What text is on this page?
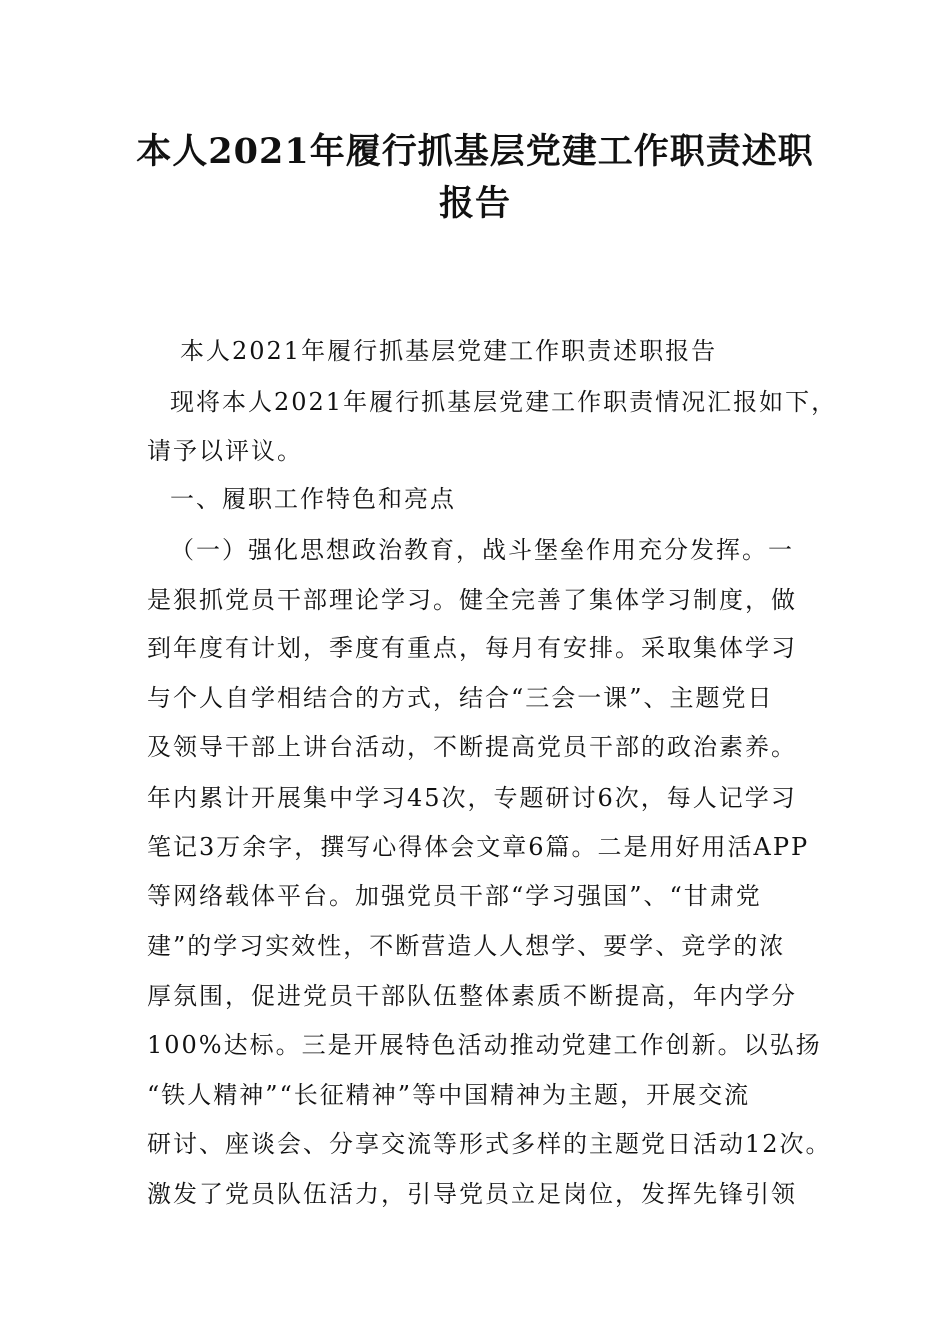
本人2021年履行抓基层党建工作职责述职
报告
本人2021年履行抓基层党建工作职责述职报告
现将本人2021年履行抓基层党建工作职责情况汇报如下，
请予以评议。
一、履职工作特色和亮点
（一）强化思想政治教育，战斗堡垒作用充分发挥。一
是狠抓党员干部理论学习。健全完善了集体学习制度，做
到年度有计划，季度有重点，每月有安排。采取集体学习
与个人自学相结合的方式，结合“三会一课”、主题党日
及领导干部上讲台活动，不断提高党员干部的政治素养。
年内累计开展集中学习45次，专题研讨6次，每人记学习
笔记3万余字，撰写心得体会文章6篇。二是用好用活APP
等网络载体平台。加强党员干部“学习强国”、“甘肃党
建”的学习实效性，不断营造人人想学、要学、竞学的浓
厚氛围，促进党员干部队伍整体素质不断提高，年内学分
100%达标。三是开展特色活动推动党建工作创新。以弘扬
“铁人精神”“长征精神”等中国精神为主题，开展交流
研讨、座谈会、分享交流等形式多样的主题党日活动12次。
激发了党员队伍活力，引导党员立足岗位，发挥先锋引领
